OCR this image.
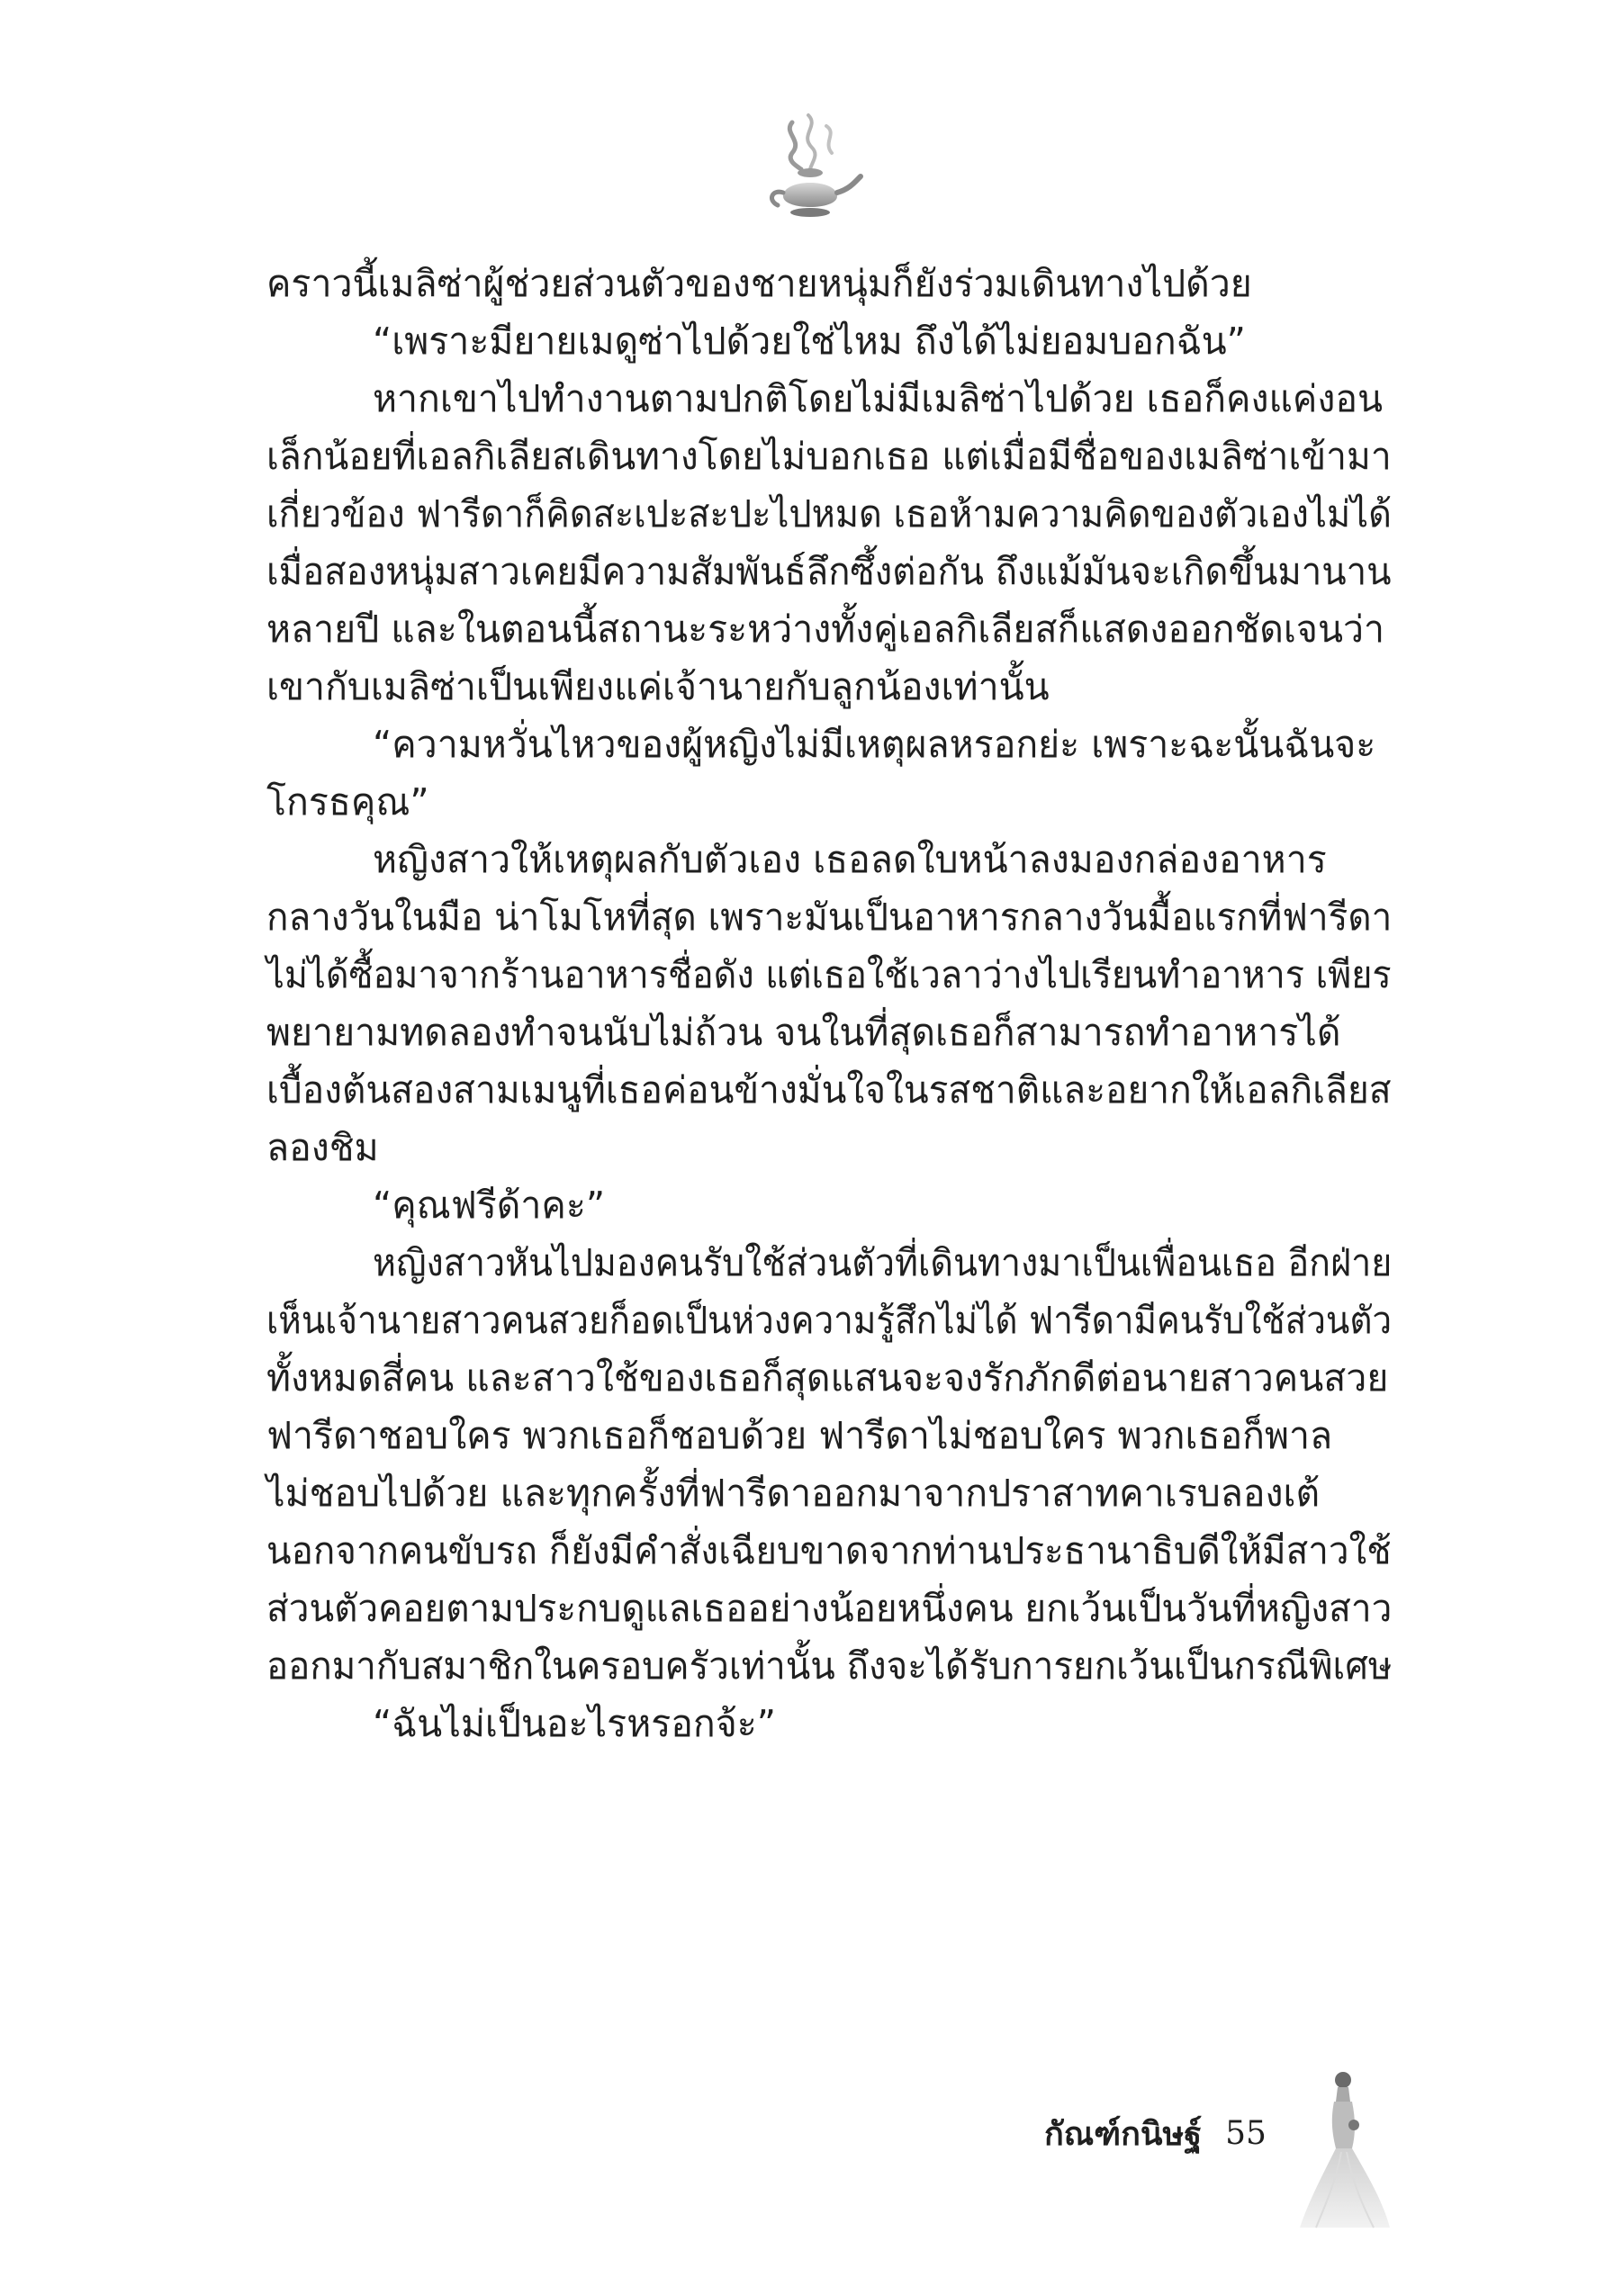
คราวนี้เมลิซ่าผู้ช่วยส่วนตัวของชายหนุ่มก็ยังร่วมเดินทางไปด้วย
“เพราะมียายเมดูซ่าไปด้วยใช่ไหม ถึงได้ไม่ยอมบอกฉัน”
หากเขาไปทำงานตามปกติโดยไม่มีเมลิซ่าไปด้วย เธอก็คงแค่งอน
เล็กน้อยที่เอลกิเลียสเดินทางโดยไม่บอกเธอ แต่เมื่อมีชื่อของเมลิซ่าเข้ามา
เกี่ยวข้อง ฟารีดาก็คิดสะเปะสะปะไปหมด เธอห้ามความคิดของตัวเองไม่ได้
เมื่อสองหนุ่มสาวเคยมีความสัมพันธ์ลึกซึ้งต่อกัน ถึงแม้มันจะเกิดขึ้นมานาน
หลายปี และในตอนนี้สถานะระหว่างทั้งคู่เอลกิเลียสก็แสดงออกชัดเจนว่า
เขากับเมลิซ่าเป็นเพียงแค่เจ้านายกับลูกน้องเท่านั้น
“ความหวั่นไหวของผู้หญิงไม่มีเหตุผลหรอกย่ะ เพราะฉะนั้นฉันจะ
โกรธคุณ”
หญิงสาวให้เหตุผลกับตัวเอง เธอลดใบหน้าลงมองกล่องอาหาร
กลางวันในมือ น่าโมโหที่สุด เพราะมันเป็นอาหารกลางวันมื้อแรกที่ฟารีดา
ไม่ได้ซื้อมาจากร้านอาหารชื่อดัง แต่เธอใช้เวลาว่างไปเรียนทำอาหาร เพียร
พยายามทดลองทำจนนับไม่ถ้วน จนในที่สุดเธอก็สามารถทำอาหารได้
เบื้องต้นสองสามเมนูที่เธอค่อนข้างมั่นใจในรสชาติและอยากให้เอลกิเลียส
ลองชิม
“คุณฟรีด้าคะ”
หญิงสาวหันไปมองคนรับใช้ส่วนตัวที่เดินทางมาเป็นเพื่อนเธอ อีกฝ่าย
เห็นเจ้านายสาวคนสวยก็อดเป็นห่วงความรู้สึกไม่ได้ ฟารีดามีคนรับใช้ส่วนตัว
ทั้งหมดสี่คน และสาวใช้ของเธอก็สุดแสนจะจงรักภักดีต่อนายสาวคนสวย
ฟารีดาชอบใคร พวกเธอก็ชอบด้วย ฟารีดาไม่ชอบใคร พวกเธอก็พาล
ไม่ชอบไปด้วย และทุกครั้งที่ฟารีดาออกมาจากปราสาทคาเรบลองเต้
นอกจากคนขับรถ ก็ยังมีคำสั่งเฉียบขาดจากท่านประธานาธิบดีให้มีสาวใช้
ส่วนตัวคอยตามประกบดูแลเธออย่างน้อยหนึ่งคน ยกเว้นเป็นวันที่หญิงสาว
ออกมากับสมาชิกในครอบครัวเท่านั้น ถึงจะได้รับการยกเว้นเป็นกรณีพิเศษ
“ฉันไม่เป็นอะไรหรอกจ้ะ”
กัณฑ์กนิษฐ์ 55
